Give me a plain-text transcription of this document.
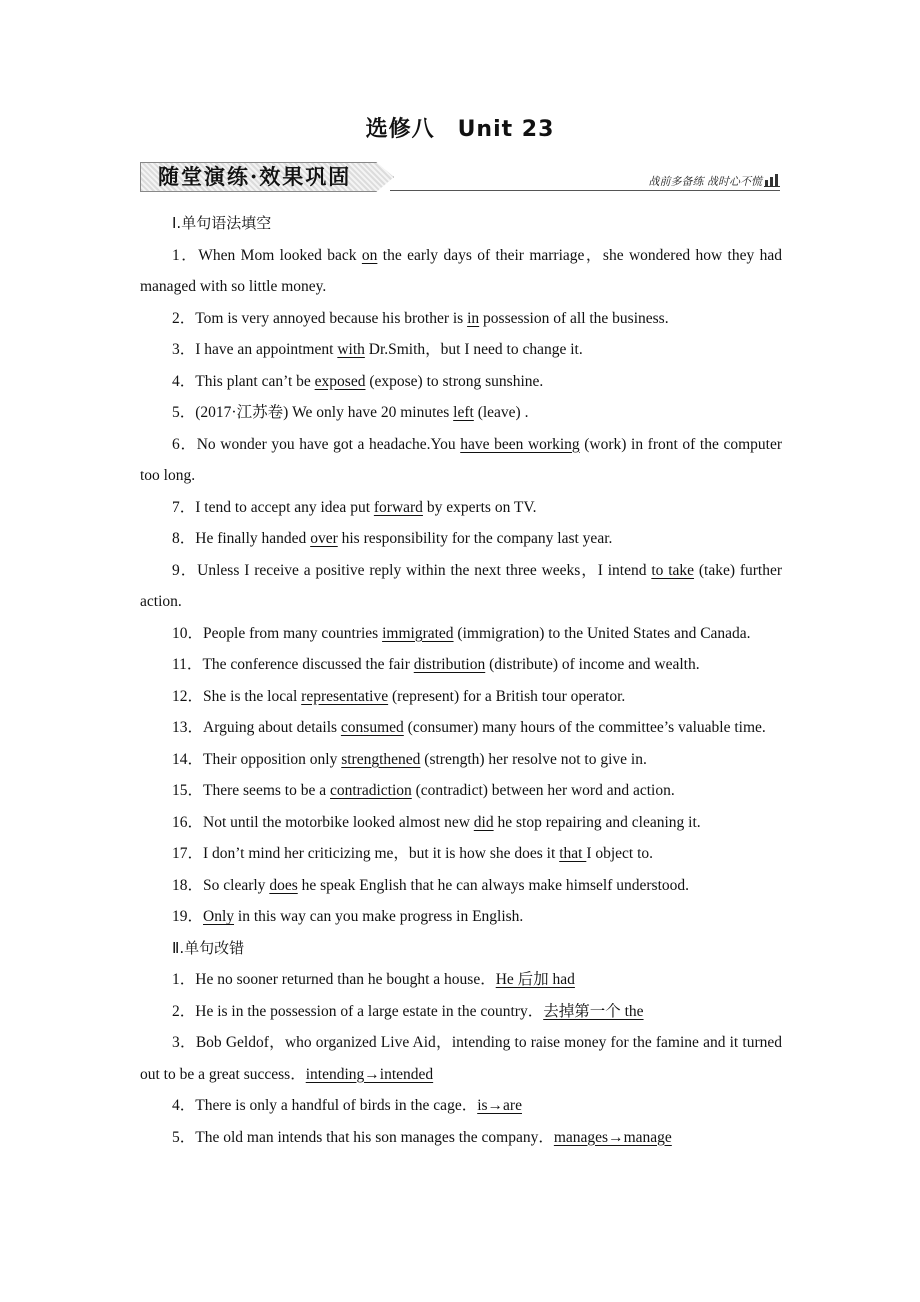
选修八　Unit 23
随堂演练·效果巩固	战前多备练 战时心不慌

Ⅰ.单句语法填空

1．When Mom looked back on the early days of their marriage，she wondered how they had managed with so little money.

2．Tom is very annoyed because his brother is in possession of all the business.

3．I have an appointment with Dr.Smith，but I need to change it.

4．This plant can’t be exposed (expose) to strong sunshine.

5．(2017·江苏卷) We only have 20 minutes left (leave) .

6．No wonder you have got a headache.You have been working (work) in front of the computer too long.

7．I tend to accept any idea put forward by experts on TV.

8．He finally handed over his responsibility for the company last year.

9．Unless I receive a positive reply within the next three weeks，I intend to take (take) further action.

10．People from many countries immigrated (immigration) to the United States and Canada.

11．The conference discussed the fair distribution (distribute) of income and wealth.

12．She is the local representative (represent) for a British tour operator.

13．Arguing about details consumed (consumer) many hours of the committee’s valuable time.

14．Their opposition only strengthened (strength) her resolve not to give in.

15．There seems to be a contradiction (contradict) between her word and action.

16．Not until the motorbike looked almost new did he stop repairing and cleaning it.

17．I don’t mind her criticizing me，but it is how she does it that I object to.

18．So clearly does he speak English that he can always make himself understood.

19．Only in this way can you make progress in English.

Ⅱ.单句改错

1．He no sooner returned than he bought a house．He 后加 had

2．He is in the possession of a large estate in the country．去掉第一个 the

3．Bob Geldof，who organized Live Aid，intending to raise money for the famine and it turned out to be a great success．intending→intended

4．There is only a handful of birds in the cage．is→are

5．The old man intends that his son manages the company．manages→manage
